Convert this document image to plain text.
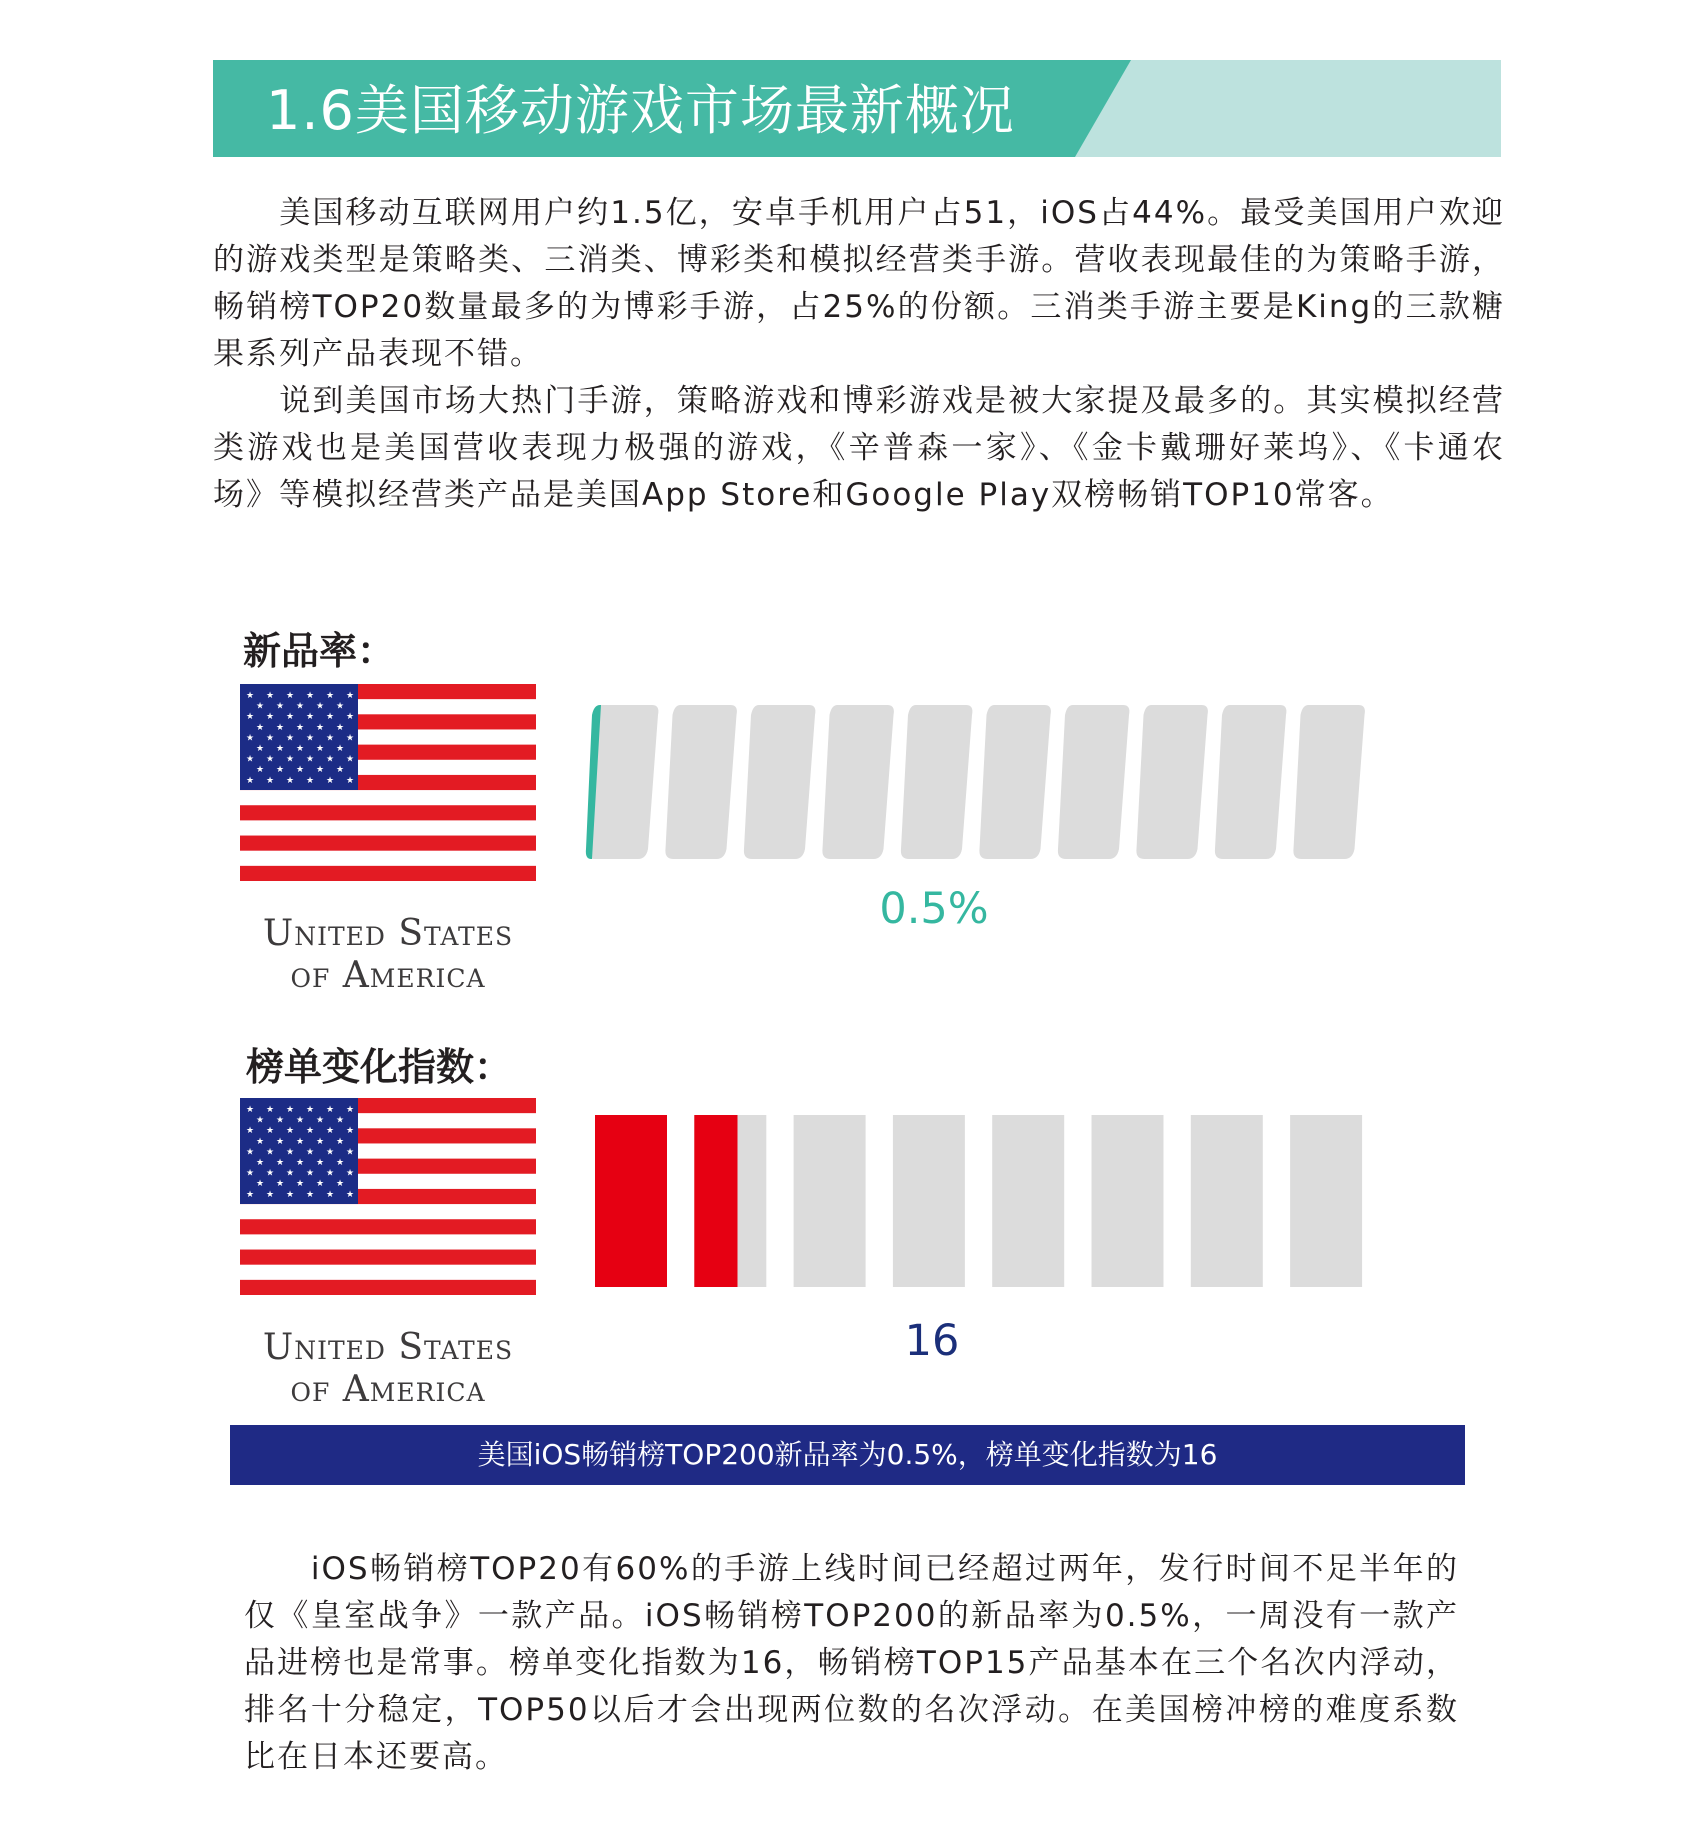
1.6美国移动游戏市场最新概况

　　美国移动互联网用户约1.5亿，安卓手机用户占51，iOS占44%。最受美国用户欢迎的游戏类型是策略类、三消类、博彩类和模拟经营类手游。营收表现最佳的为策略手游，畅销榜TOP20数量最多的为博彩手游，占25%的份额。三消类手游主要是King的三款糖果系列产品表现不错。

　　说到美国市场大热门手游，策略游戏和博彩游戏是被大家提及最多的。其实模拟经营类游戏也是美国营收表现力极强的游戏，《辛普森一家》、《金卡戴珊好莱坞》、《卡通农场》等模拟经营类产品是美国App Store和Google Play双榜畅销TOP10常客。

新品率：
★ ★ ★ ★ ★ ★
★ ★ ★ ★ ★
★ ★ ★ ★ ★ ★
★ ★ ★ ★ ★
★ ★ ★ ★ ★ ★
★ ★ ★ ★ ★
★ ★ ★ ★ ★ ★
★ ★ ★ ★ ★
★ ★ ★ ★ ★ ★
United States
of America
0.5%
榜单变化指数：
★ ★ ★ ★ ★ ★
★ ★ ★ ★ ★
★ ★ ★ ★ ★ ★
★ ★ ★ ★ ★
★ ★ ★ ★ ★ ★
★ ★ ★ ★ ★
★ ★ ★ ★ ★ ★
★ ★ ★ ★ ★
★ ★ ★ ★ ★ ★
United States
of America
16
美国iOS畅销榜TOP200新品率为0.5%，榜单变化指数为16

　　iOS畅销榜TOP20有60%的手游上线时间已经超过两年，发行时间不足半年的仅《皇室战争》一款产品。iOS畅销榜TOP200的新品率为0.5%，一周没有一款产品进榜也是常事。榜单变化指数为16，畅销榜TOP15产品基本在三个名次内浮动，排名十分稳定，TOP50以后才会出现两位数的名次浮动。在美国榜冲榜的难度系数比在日本还要高。
